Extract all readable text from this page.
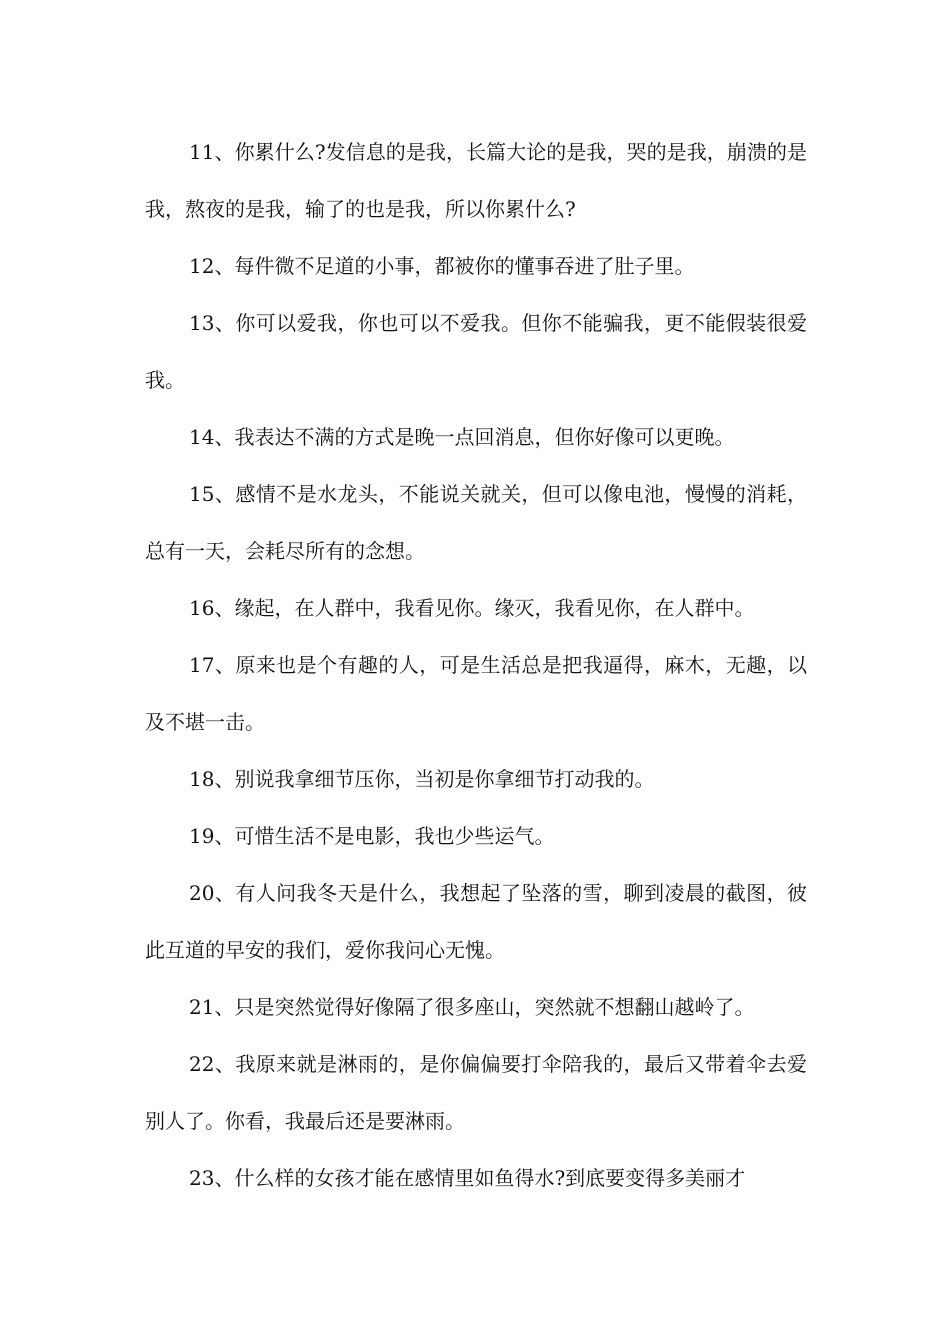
11、你累什么?发信息的是我，长篇大论的是我，哭的是我，崩溃的是我，熬夜的是我，输了的也是我，所以你累什么?

12、每件微不足道的小事，都被你的懂事吞进了肚子里。

13、你可以爱我，你也可以不爱我。但你不能骗我，更不能假装很爱我。

14、我表达不满的方式是晚一点回消息，但你好像可以更晚。

15、感情不是水龙头，不能说关就关，但可以像电池，慢慢的消耗，总有一天，会耗尽所有的念想。

16、缘起，在人群中，我看见你。缘灭，我看见你，在人群中。

17、原来也是个有趣的人，可是生活总是把我逼得，麻木，无趣，以及不堪一击。

18、别说我拿细节压你，当初是你拿细节打动我的。

19、可惜生活不是电影，我也少些运气。

20、有人问我冬天是什么，我想起了坠落的雪，聊到凌晨的截图，彼此互道的早安的我们，爱你我问心无愧。

21、只是突然觉得好像隔了很多座山，突然就不想翻山越岭了。

22、我原来就是淋雨的，是你偏偏要打伞陪我的，最后又带着伞去爱别人了。你看，我最后还是要淋雨。

23、什么样的女孩才能在感情里如鱼得水?到底要变得多美丽才
